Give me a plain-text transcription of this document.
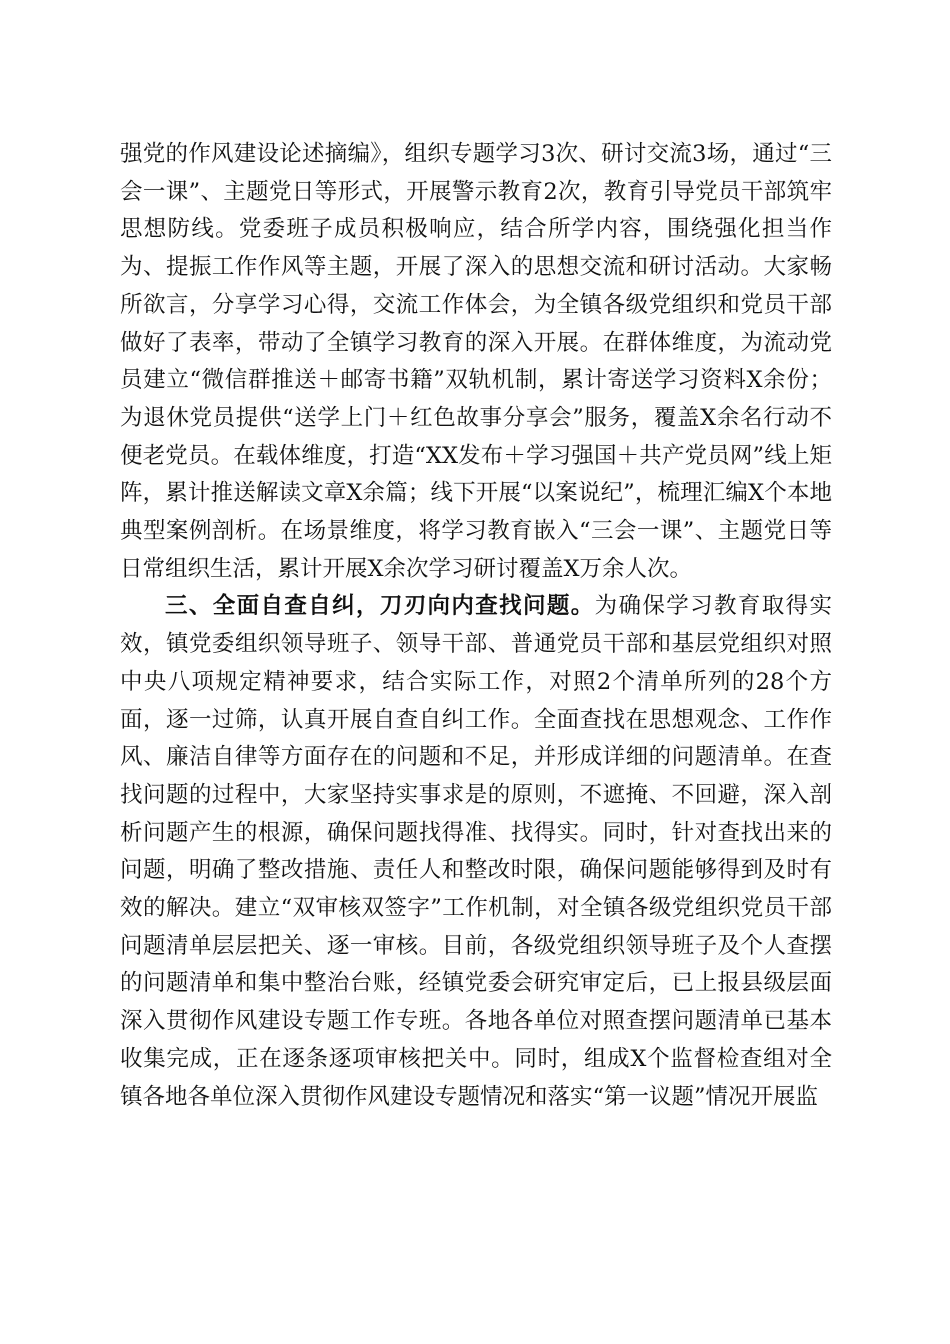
强党的作风建设论述摘编》，组织专题学习3次、研讨交流3场，通过“三会一课”、主题党日等形式，开展警示教育2次，教育引导党员干部筑牢思想防线。党委班子成员积极响应，结合所学内容，围绕强化担当作为、提振工作作风等主题，开展了深入的思想交流和研讨活动。大家畅所欲言，分享学习心得，交流工作体会，为全镇各级党组织和党员干部做好了表率，带动了全镇学习教育的深入开展。在群体维度，为流动党员建立“微信群推送＋邮寄书籍”双轨机制，累计寄送学习资料X余份；为退休党员提供“送学上门＋红色故事分享会”服务，覆盖X余名行动不便老党员。在载体维度，打造“XX发布＋学习强国＋共产党员网”线上矩阵，累计推送解读文章X余篇；线下开展“以案说纪”，梳理汇编X个本地典型案例剖析。在场景维度，将学习教育嵌入“三会一课”、主题党日等日常组织生活，累计开展X余次学习研讨覆盖X万余人次。

三、全面自查自纠，刀刃向内查找问题。为确保学习教育取得实效，镇党委组织领导班子、领导干部、普通党员干部和基层党组织对照中央八项规定精神要求，结合实际工作，对照2个清单所列的28个方面，逐一过筛，认真开展自查自纠工作。全面查找在思想观念、工作作风、廉洁自律等方面存在的问题和不足，并形成详细的问题清单。在查找问题的过程中，大家坚持实事求是的原则，不遮掩、不回避，深入剖析问题产生的根源，确保问题找得准、找得实。同时，针对查找出来的问题，明确了整改措施、责任人和整改时限，确保问题能够得到及时有效的解决。建立“双审核双签字”工作机制，对全镇各级党组织党员干部问题清单层层把关、逐一审核。目前，各级党组织领导班子及个人查摆的问题清单和集中整治台账，经镇党委会研究审定后，已上报县级层面深入贯彻作风建设专题工作专班。各地各单位对照查摆问题清单已基本收集完成，正在逐条逐项审核把关中。同时，组成X个监督检查组对全镇各地各单位深入贯彻作风建设专题情况和落实“第一议题”情况开展监
